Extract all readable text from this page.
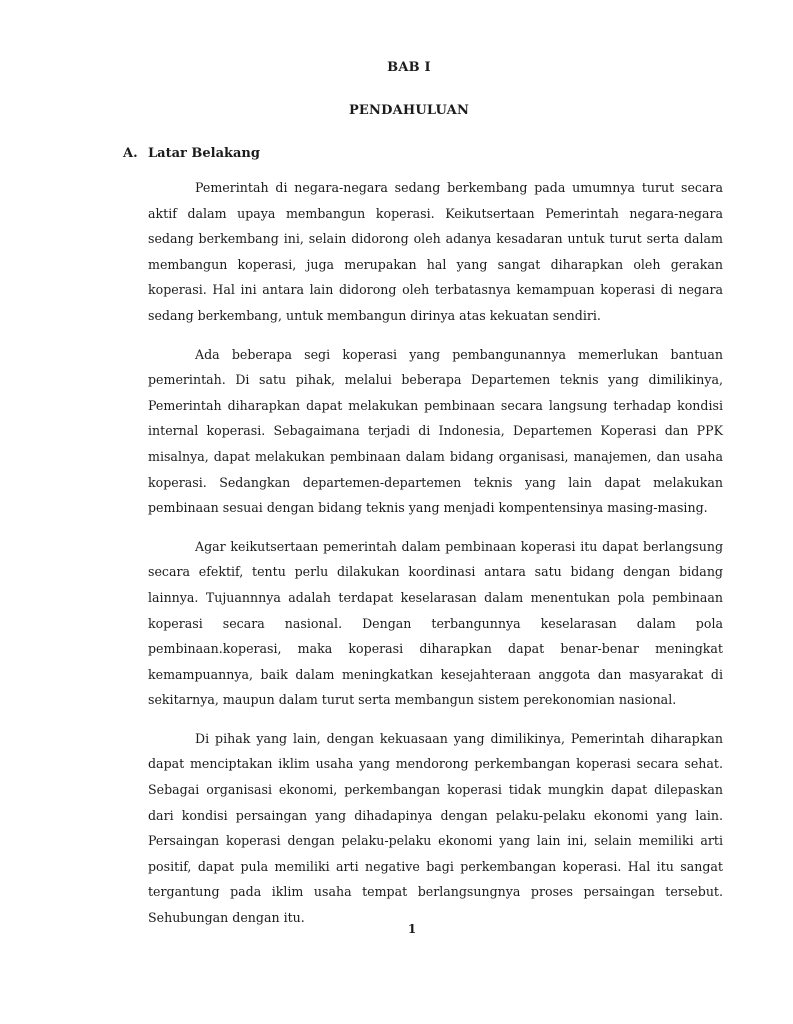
BAB I
PENDAHULUAN
A. Latar Belakang

Pemerintah di negara-negara sedang berkembang pada umumnya turut secara aktif dalam upaya membangun koperasi. Keikutsertaan Pemerintah negara-negara sedang berkembang ini, selain didorong oleh adanya kesadaran untuk turut serta dalam membangun koperasi, juga merupakan hal yang sangat diharapkan oleh gerakan koperasi. Hal ini antara lain didorong oleh terbatasnya kemampuan koperasi di negara sedang berkembang, untuk membangun dirinya atas kekuatan sendiri.

Ada beberapa segi koperasi yang pembangunannya memerlukan bantuan pemerintah. Di satu pihak, melalui beberapa Departemen teknis yang dimilikinya, Pemerintah diharapkan dapat melakukan pembinaan secara langsung terhadap kondisi internal koperasi. Sebagaimana terjadi di Indonesia, Departemen Koperasi dan PPK misalnya, dapat melakukan pembinaan dalam bidang organisasi, manajemen, dan usaha koperasi. Sedangkan departemen-departemen teknis yang lain dapat melakukan pembinaan sesuai dengan bidang teknis yang menjadi kompentensinya masing-masing.

Agar keikutsertaan pemerintah dalam pembinaan koperasi itu dapat berlangsung secara efektif, tentu perlu dilakukan koordinasi antara satu bidang dengan bidang lainnya. Tujuannnya adalah terdapat keselarasan dalam menentukan pola pembinaan koperasi secara nasional. Dengan terbangunnya keselarasan dalam pola pembinaan.koperasi, maka koperasi diharapkan dapat benar-benar meningkat kemampuannya, baik dalam meningkatkan kesejahteraan anggota dan masyarakat di sekitarnya, maupun dalam turut serta membangun sistem perekonomian nasional.

Di pihak yang lain, dengan kekuasaan yang dimilikinya, Pemerintah diharapkan dapat menciptakan iklim usaha yang mendorong perkembangan koperasi secara sehat. Sebagai organisasi ekonomi, perkembangan koperasi tidak mungkin dapat dilepaskan dari kondisi persaingan yang dihadapinya dengan pelaku-pelaku ekonomi yang lain. Persaingan koperasi dengan pelaku-pelaku ekonomi yang lain ini, selain memiliki arti positif, dapat pula memiliki arti negative bagi perkembangan koperasi. Hal itu sangat tergantung pada iklim usaha tempat berlangsungnya proses persaingan tersebut. Sehubungan dengan itu.

1
